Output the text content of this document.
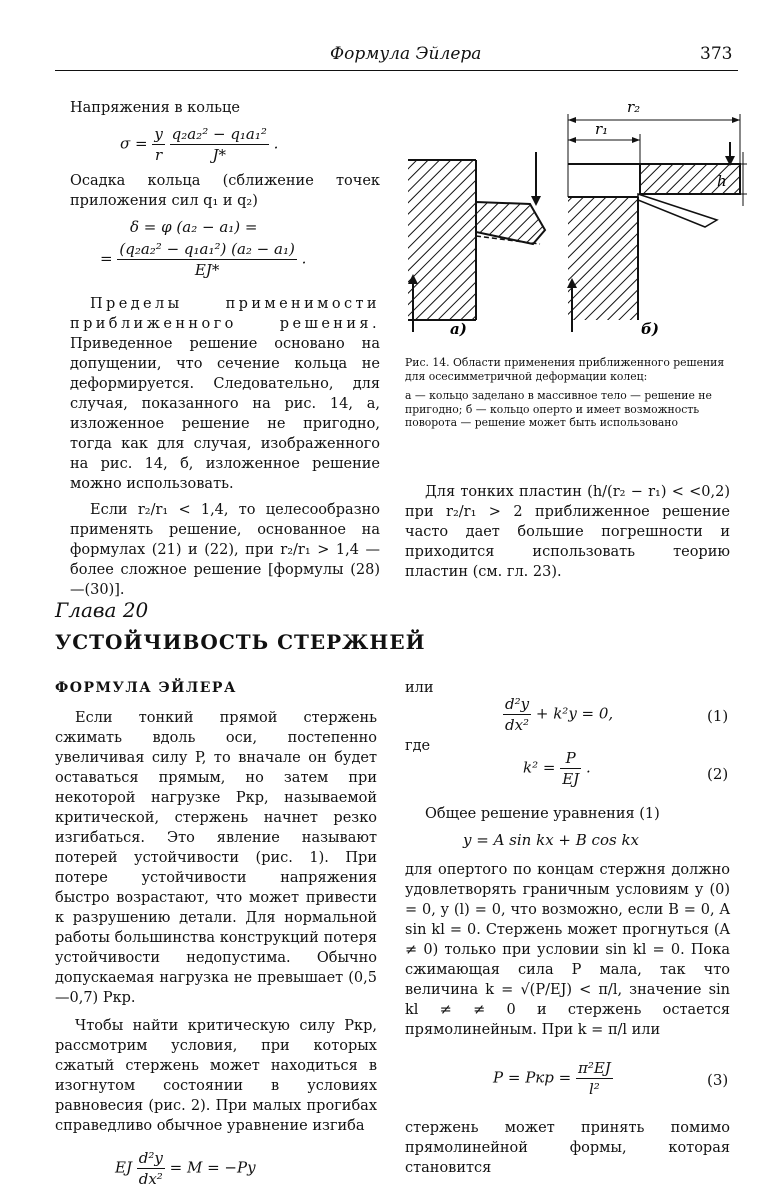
Формула Эйлера	373

Напряжения в кольце

$\sigma = \frac{y}{r}$
$\frac{\text{q₂a₂² − q₁a₁²}}{J*}$ .

Осадка кольца (сближение точек приложения сил q₁ и q₂)

δ = φ (a₂ − a₁) =
= $\frac{\text{(q₂a₂² − q₁a₁²) (a₂ − a₁)}}{EJ*}$ .

Пределы применимости приближенного решения. Приведенное решение основано на допущении, что сечение кольца не деформируется. Следовательно, для случая, показанного на рис. 14, а, изложенное решение не пригодно, тогда как для случая, изображенного на рис. 14, б, изложенное решение можно использовать.

Если r₂/r₁ < 1,4, то целесообразно применять решение, основанное на формулах (21) и (22), при r₂/r₁ > 1,4 — более сложное решение [формулы (28)—(30)].

r₂
r₁
h
а)	б)
Рис. 14. Области применения приближенного решения для осесимметричной деформации колец:
а — кольцо заделано в массивное тело — решение не пригодно; б — кольцо оперто и имеет возможность поворота — решение может быть использовано

Для тонких пластин (h/(r₂ − r₁) < <0,2) при r₂/r₁ > 2 приближенное решение часто дает большие погрешности и приходится использовать теорию пластин (см. гл. 23).

Глава 20
УСТОЙЧИВОСТЬ СТЕРЖНЕЙ
ФОРМУЛА ЭЙЛЕРА

Если тонкий прямой стержень сжимать вдоль оси, постепенно увеличивая силу P, то вначале он будет оставаться прямым, но затем при некоторой нагрузке Pкр, называемой критической, стержень начнет резко изгибаться. Это явление называют потерей устойчивости (рис. 1). При потере устойчивости напряжения быстро возрастают, что может привести к разрушению детали. Для нормальной работы большинства конструкций потеря устойчивости недопустима. Обычно допускаемая нагрузка не превышает (0,5—0,7) Pкр.

Чтобы найти критическую силу Pкр, рассмотрим условия, при которых сжатый стержень может находиться в изогнутом состоянии в условиях равновесия (рис. 2). При малых прогибах справедливо обычное уравнение изгиба

EJ $\frac{\text{d²y}}{\text{dx²}} = M = -Py$
или
$\frac{\text{d²y}}{\text{dx²}} + k^2y = 0$,	(1)
где
$k^2 = \frac{P}{EJ}$ .	(2)
Общее решение уравнения (1)
y = A sin kx + B cos kx
для опертого по концам стержня должно удовлетворять граничным условиям y (0) = 0, y (l) = 0, что возможно, если B = 0, A sin kl = 0. Стержень может прогнуться (A ≠ 0) только при условии sin kl = 0. Пока сжимающая сила P мала, так что величина k = √(P/EJ) < π/l, значение sin kl ≠ ≠ 0 и стержень остается прямолинейным. При k = π/l или
P = Pкр = $\frac{\text{π²EJ}}{\text{l²}}$	(3)
стержень может принять помимо прямолинейной формы, которая становится
